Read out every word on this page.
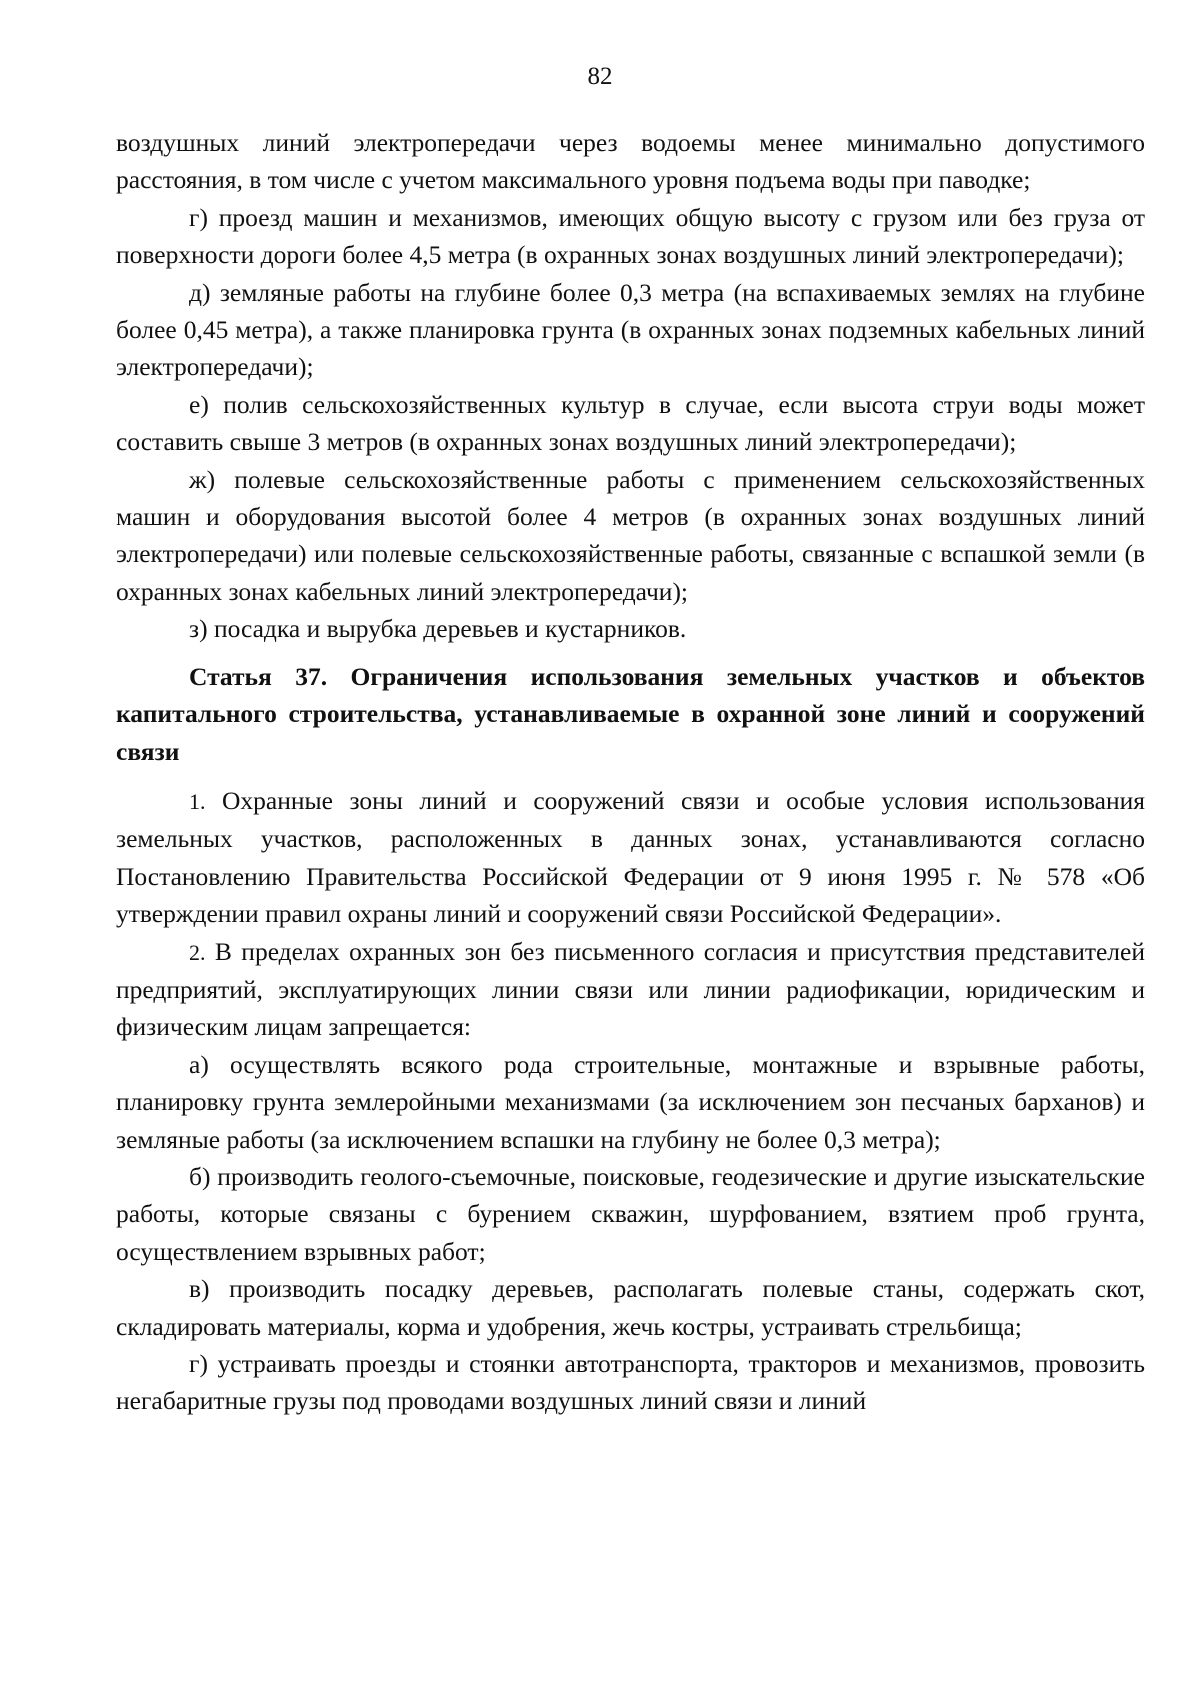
82

воздушных линий электропередачи через водоемы менее минимально допустимого расстояния, в том числе с учетом максимального уровня подъема воды при паводке;

г) проезд машин и механизмов, имеющих общую высоту с грузом или без груза от поверхности дороги более 4,5 метра (в охранных зонах воздушных линий электропередачи);

д) земляные работы на глубине более 0,3 метра (на вспахиваемых землях на глубине более 0,45 метра), а также планировка грунта (в охранных зонах подземных кабельных линий электропередачи);

е) полив сельскохозяйственных культур в случае, если высота струи воды может составить свыше 3 метров (в охранных зонах воздушных линий электропередачи);

ж) полевые сельскохозяйственные работы с применением сельскохозяйственных машин и оборудования высотой более 4 метров (в охранных зонах воздушных линий электропередачи) или полевые сельскохозяйственные работы, связанные с вспашкой земли (в охранных зонах кабельных линий электропередачи);

з) посадка и вырубка деревьев и кустарников.

Статья 37. Ограничения использования земельных участков и объектов капитального строительства, устанавливаемые в охранной зоне линий и сооружений связи

1. Охранные зоны линий и сооружений связи и особые условия использования земельных участков, расположенных в данных зонах, устанавливаются согласно Постановлению Правительства Российской Федерации от 9 июня 1995 г. № 578 «Об утверждении правил охраны линий и сооружений связи Российской Федерации».

2. В пределах охранных зон без письменного согласия и присутствия представителей предприятий, эксплуатирующих линии связи или линии радиофикации, юридическим и физическим лицам запрещается:

а) осуществлять всякого рода строительные, монтажные и взрывные работы, планировку грунта землеройными механизмами (за исключением зон песчаных барханов) и земляные работы (за исключением вспашки на глубину не более 0,3 метра);

б) производить геолого-съемочные, поисковые, геодезические и другие изыскательские работы, которые связаны с бурением скважин, шурфованием, взятием проб грунта, осуществлением взрывных работ;

в) производить посадку деревьев, располагать полевые станы, содержать скот, складировать материалы, корма и удобрения, жечь костры, устраивать стрельбища;

г) устраивать проезды и стоянки автотранспорта, тракторов и механизмов, провозить негабаритные грузы под проводами воздушных линий связи и линий
